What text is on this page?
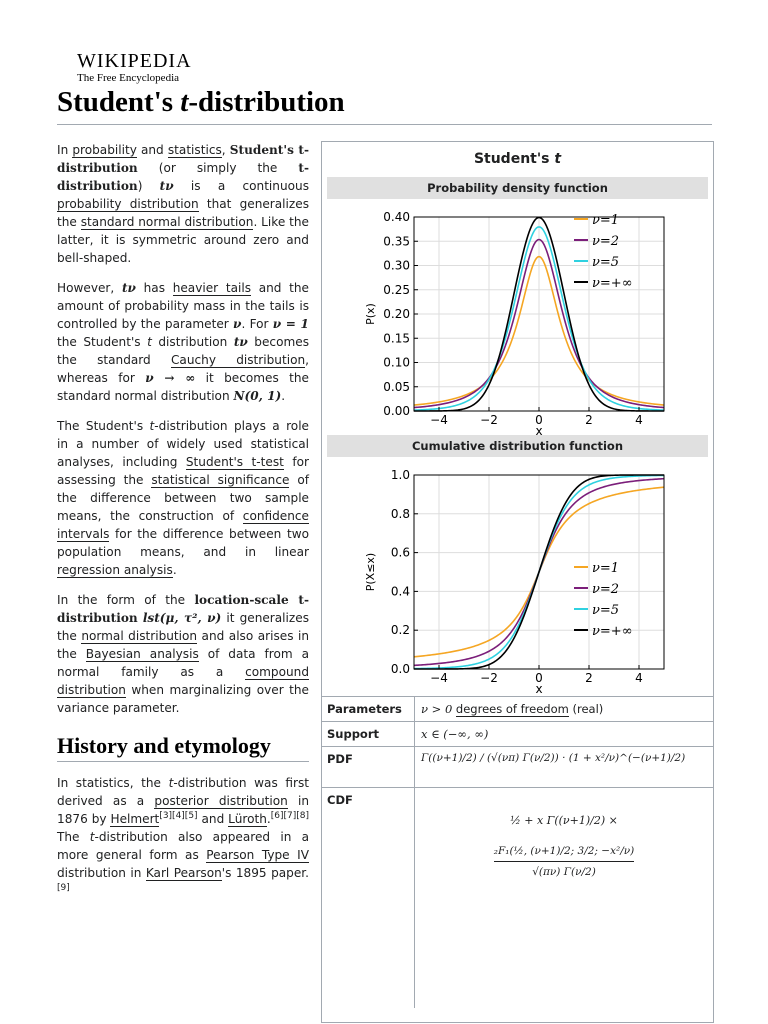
WIKIPEDIA
The Free Encyclopedia
Student's t-distribution

In probability and statistics, Student's t-distribution (or simply the t-distribution) tν is a continuous probability distribution that generalizes the standard normal distribution. Like the latter, it is symmetric around zero and bell-shaped.

However, tν has heavier tails and the amount of probability mass in the tails is controlled by the parameter ν. For ν = 1 the Student's t distribution tν becomes the standard Cauchy distribution, whereas for ν → ∞ it becomes the standard normal distribution N(0, 1).

The Student's t-distribution plays a role in a number of widely used statistical analyses, including Student's t-test for assessing the statistical significance of the difference between two sample means, the construction of confidence intervals for the difference between two population means, and in linear regression analysis.

In the form of the location-scale t-distribution lst(μ, τ², ν) it generalizes the normal distribution and also arises in the Bayesian analysis of data from a normal family as a compound distribution when marginalizing over the variance parameter.

History and etymology

In statistics, the t-distribution was first derived as a posterior distribution in 1876 by Helmert[3][4][5] and Lüroth.[6][7][8] The t-distribution also appeared in a more general form as Pearson Type IV distribution in Karl Pearson's 1895 paper.[9]

Student's t
Probability density function
−4	−2	0	2	4
0.00
0.05
0.10
0.15
0.20
0.25
0.30
0.35
0.40
x
P(x)
ν=1
ν=2
ν=5
ν=+∞
Cumulative distribution function
−4	−2	0	2	4
0.0
0.2
0.4
0.6
0.8
1.0
x
P(X≤x)	ν=1
ν=2
ν=5
ν=+∞
Parameters	ν > 0 degrees of freedom (real)
Support	x ∈ (−∞, ∞)
PDF	Γ((ν+1)/2) / (√(νπ) Γ(ν/2)) · (1 + x²/ν)^(−(ν+1)/2)
CDF
½ + x Γ((ν+1)/2) ×
₂F₁(½, (ν+1)/2; 3/2; −x²/ν)
√(πν) Γ(ν/2)
